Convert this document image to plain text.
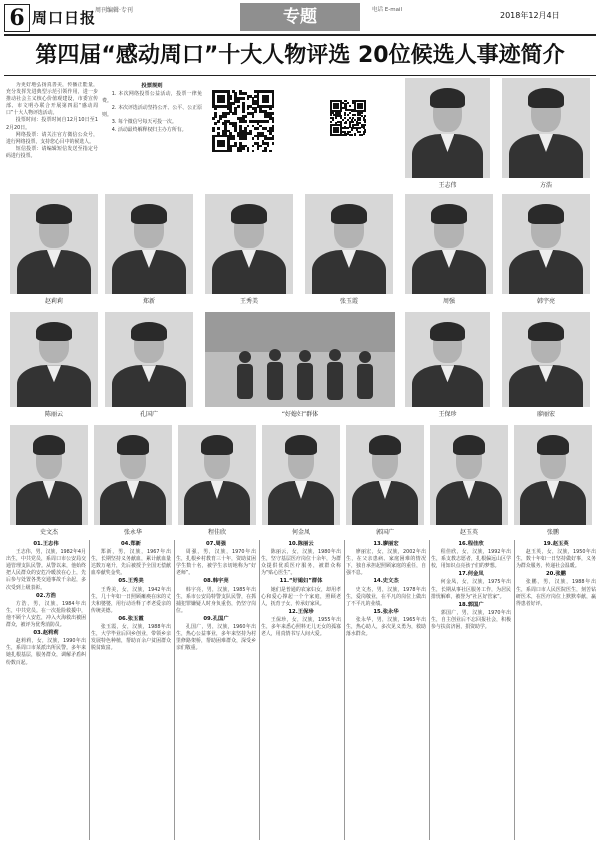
6 周口日报
周刊编辑·专刊	专题	电话 E-mail
2018年12月4日
第四届“感动周口”十大人物评选 20位候选人事迹简介

为更好地弘扬真善美，传播正能量，充分发挥先进典型示范引领作用，进一步推动社会主义核心价值观建设，市委宣传部、市文明办联合开展第四届“感动周口”十大人物评选活动。

投票时间：投票时间自12月10日至12月20日。

网络投票：请关注官方微信公众号，进行网络投票，支持您心目中的候选人。

短信投票：请编辑短信发送至指定号码进行投票。

投票规则

1. 本次网络投票公益活动，投票一律免费。

2. 本次评选活动坚持公开、公平、公正原则。

3. 每个微信号每天可投一次。

4. 活动最终解释权归主办方所有。

王志伟	方浩
赵莉莉	郑新	王秀美	张玉霞	周强	韩宇亮
陈丽云	孔国广	“好媳妇”群体	王保珍	廖丽宏
史文杰	张永华	程佳欣	何金凤	郭国广	赵玉英	张鹏
01.王志伟

王志伟，男，汉族，1982年4月出生，中共党员，系周口市公安局交通管理支队民警。从警以来，他始终把人民群众的安危冷暖放在心上，先后参与处置各类交通事故千余起，多次受到上级表彰。

02.方浩

方浩，男，汉族，1984年出生，中共党员。在一次抢险救援中，他不顾个人安危，冲入火海救出被困群众，被评为优秀消防员。

03.赵莉莉

赵莉莉，女，汉族，1990年出生，系周口市某派出所民警。多年来她扎根基层，服务群众，调解矛盾纠纷数百起。

04.郑新

郑新，男，汉族，1967年出生，长期坚持义务献血，累计献血量达数万毫升，先后被授予全国无偿献血奉献奖金奖。

05.王秀美

王秀美，女，汉族，1942年出生，几十年如一日照顾瘫痪在床的丈夫和婆婆，用行动诠释了孝老爱亲的传统美德。

06.张玉霞

张玉霞，女，汉族，1988年出生，大学毕业后回乡创业，带领乡亲发展特色种植，帮助百余户贫困群众脱贫致富。

07.周强

周强，男，汉族，1970年出生，扎根乡村教育三十年，资助贫困学生数十名，被学生亲切地称为“好老师”。

08.韩宇亮

韩宇亮，男，汉族，1985年出生，系市公安局特警支队民警，在抓捕犯罪嫌疑人时身负重伤，仍坚守岗位。

09.孔国广

孔国广，男，汉族，1960年出生，热心公益事业，多年来坚持为村里修路架桥，帮助困难群众，深受乡亲们敬重。

10.陈丽云

陈丽云，女，汉族，1980年出生，坚守基层医疗岗位十余年，为群众提供优质医疗服务，被群众称为“贴心医生”。

11.“好媳妇”群体

她们是普通的农家妇女，却用孝心和爱心撑起一个个家庭，照顾老人，抚育子女，传承好家风。

12.王保珍

王保珍，女，汉族，1955年出生，多年来悉心照料无儿无女的孤寡老人，用真情书写人间大爱。

13.廖丽宏

廖丽宏，女，汉族，2002年出生，在父亲患病、家庭困难的情况下，独自承担起照顾家庭的重任，自强不息。

14.史文杰

史文杰，男，汉族，1978年出生，爱岗敬业，在平凡的岗位上做出了不平凡的业绩。

15.张永华

张永华，男，汉族，1965年出生，热心助人，多次见义勇为，救助落水群众。

16.程佳欣

程佳欣，女，汉族，1992年出生，系支教志愿者，扎根偏远山区学校，用知识点亮孩子们的梦想。

17.何金凤

何金凤，女，汉族，1975年出生，长期从事社区服务工作，为居民排忧解难，被誉为“社区好管家”。

18.郭国广

郭国广，男，汉族，1970年出生，自主创业后不忘回报社会，积极参与扶贫济困，捐资助学。

19.赵玉英

赵玉英，女，汉族，1950年出生，数十年如一日坚持做好事，义务为群众服务，传递社会温暖。

20.张鹏

张鹏，男，汉族，1988年出生，系周口市人民医院医生，刻苦钻研医术，在医疗岗位上默默奉献，赢得患者好评。
